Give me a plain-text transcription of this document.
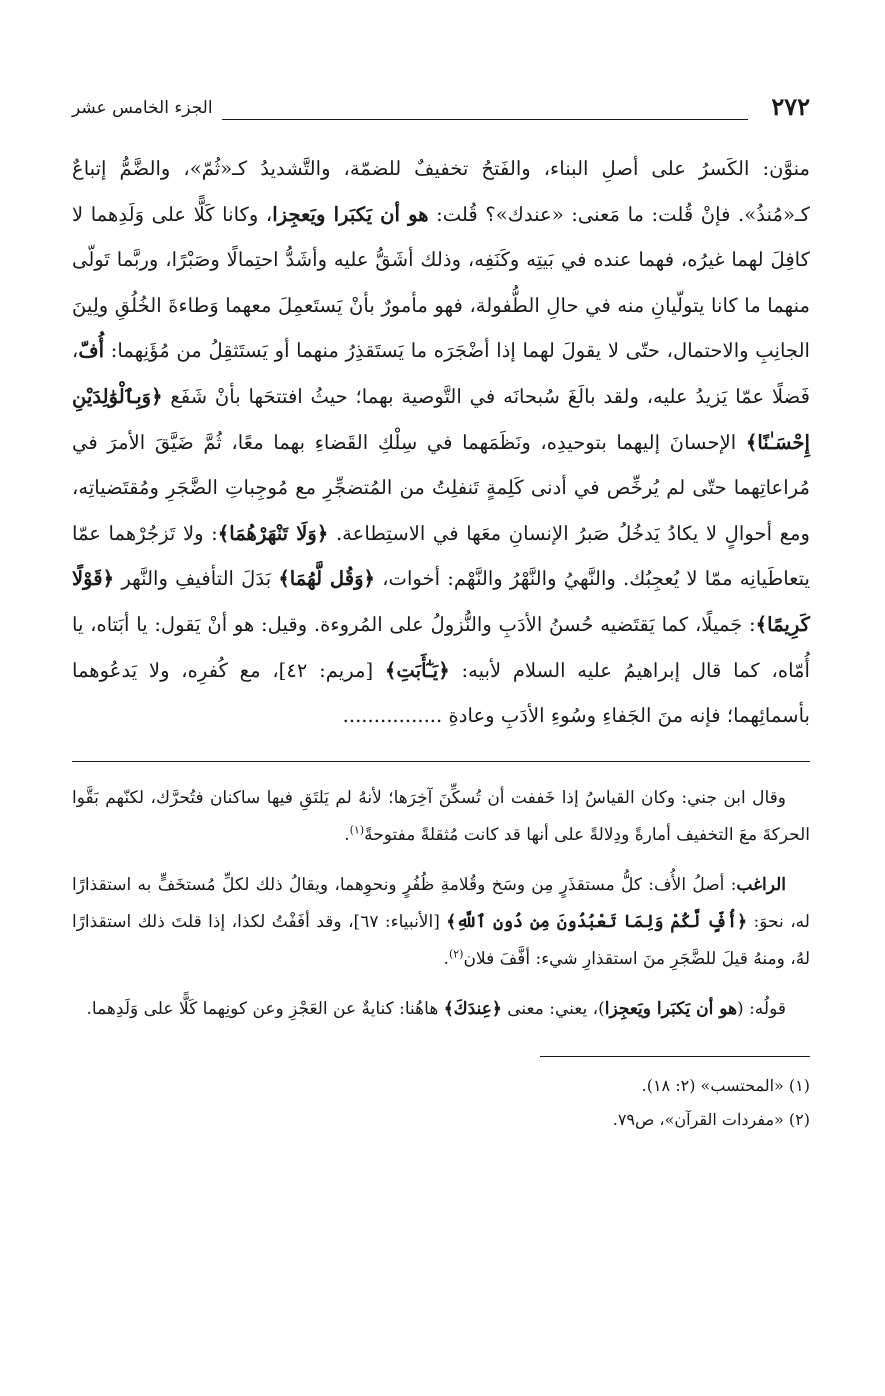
٢٧٢
الجزء الخامس عشر

منوَّن: الكَسرُ على أصلِ البناء، والفَتحُ تخفيفٌ للضمّة، والتَّشديدُ كـ«ثُمّ»، والضَّمُّ إتباعٌ كـ«مُنذُ». فإنْ قُلت: ما مَعنى: «عندك»؟ قُلت: هو أن يَكبَرا ويَعجِزا، وكانا كَلًّا على وَلَدِهما لا كافِلَ لهما غيرُه، فهما عنده في بَيتِه وكَنَفِه، وذلك أشَقُّ عليه وأشَدُّ احتِمالًا وصَبْرًا، وربَّما تَولّى منهما ما كانا يتولّيانِ منه في حالِ الطُّفولة، فهو مأمورٌ بأنْ يَستَعمِلَ معهما وَطاءةَ الخُلُقِ ولِينَ الجانِبِ والاحتمال، حتّى لا يقولَ لهما إذا أضْجَرَه ما يَستَقذِرُ منهما أو يَستَثقِلُ من مُؤَنِهما: أُفّ، فَضلًا عمّا يَزيدُ عليه، ولقد بالَغَ سُبحانَه في التَّوصية بهما؛ حيثُ افتتحَها بأنْ شَفَع ﴿وَبِٱلْوَٰلِدَيْنِ إِحْسَـٰنًا﴾ الإحسانَ إليهما بتوحيدِه، ونَظَمَهما في سِلْكِ القَضاءِ بهما معًا، ثُمَّ ضَيَّقَ الأمرَ في مُراعاتِهما حتّى لم يُرخِّص في أدنى كَلِمةٍ تَنفلِتُ من المُتضجِّرِ مع مُوجِباتِ الضَّجَرِ ومُقتَضياتِه، ومع أحوالٍ لا يكادُ يَدخُلُ صَبرُ الإنسانِ معَها في الاستِطاعة. ﴿وَلَا تَنْهَرْهُمَا﴾: ولا تَزجُرْهما عمّا يتعاطَيانِه ممّا لا يُعجِبُك. والنَّهيُ والنَّهْرُ والنَّهْم: أخوات، ﴿وَقُل لَّهُمَا﴾ بَدَلَ التأفيفِ والنَّهر ﴿قَوْلًا كَرِيمًا﴾: جَميلًا، كما يَقتَضيه حُسنُ الأدَبِ والنُّزولُ على المُروءة. وقيل: هو أنْ يَقول: يا أبَتاه، يا أُمّاه، كما قال إبراهيمُ عليه السلام لأبيه: ﴿يَـٰٓأَبَتِ﴾ [مريم: ٤٢]، مع كُفرِه، ولا يَدعُوهما بأسمائِهما؛ فإنه منَ الجَفاءِ وسُوءِ الأدَبِ وعادةِ ................

وقال ابن جني: وكان القياسُ إذا خَففت أن تُسكِّنَ آخِرَها؛ لأنهُ لم يَلتَقِ فيها ساكنان فتُحرَّك، لكنّهم بَقَّوا الحركةَ معَ التخفيف أمارةً ودِلالةً على أنها قد كانت مُثقلةً مفتوحةً$^{(١)}$.

الراغب: أصلُ الأُف: كلُّ مستقذَرٍ مِن وسَخ وقُلامةِ ظُفُرٍ ونحوِهما، ويقالُ ذلك لكلِّ مُستخَفٍّ به استقذارًا له، نحوَ: ﴿أُفٍّ لَّكُمْ وَلِمَا تَعْبُدُونَ مِن دُونِ ٱللَّهِ﴾ [الأنبياء: ٦٧]، وقد أفَفْتُ لكذا، إذا قلتَ ذلك استقذارًا لهُ، ومنهُ قيلَ للضَّجَرِ منَ استقذارِ شيء: أفَّفَ فلان$^{(٢)}$.

قولُه: (هو أن يَكبَرا ويَعجِزا)، يعني: معنى ﴿عِندَكَ﴾ هاهُنا: كنايةٌ عن العَجْزِ وعن كونِهما كَلًّا على وَلَدِهما.

(١) «المحتسب» (٢: ١٨).
(٢) «مفردات القرآن»، ص٧٩.
